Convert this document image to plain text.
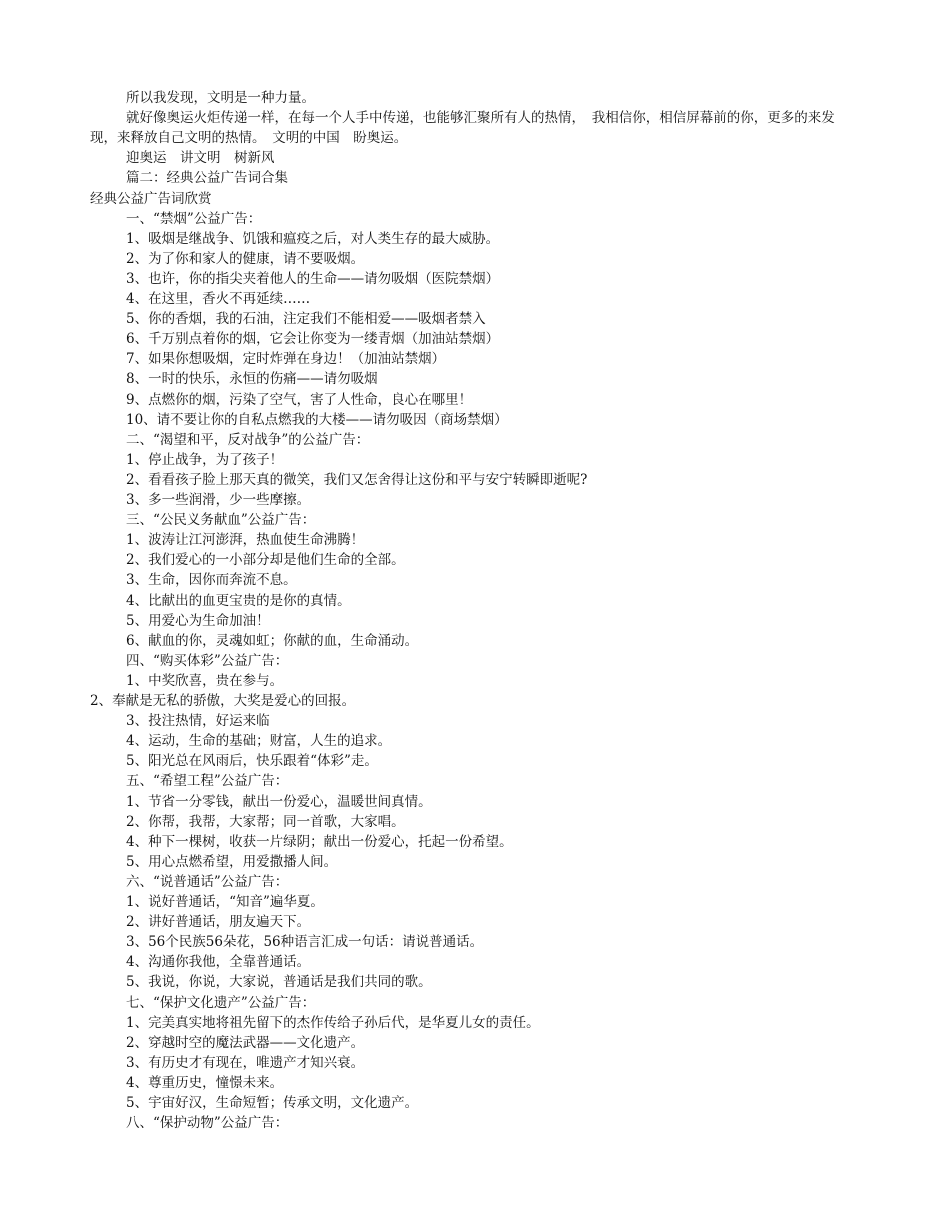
所以我发现，文明是一种力量。
就好像奥运火炬传递一样，在每一个人手中传递，也能够汇聚所有人的热情，　我相信你，相信屏幕前的你，更多的来发现，来释放自己文明的热情。　文明的中国　盼奥运。
迎奥运　讲文明　树新风
篇二：经典公益广告词合集
经典公益广告词欣赏
一、“禁烟”公益广告：
1、吸烟是继战争、饥饿和瘟疫之后，对人类生存的最大威胁。
2、为了你和家人的健康，请不要吸烟。
3、也许，你的指尖夹着他人的生命——请勿吸烟（医院禁烟）
4、在这里，香火不再延续……
5、你的香烟，我的石油，注定我们不能相爱——吸烟者禁入
6、千万别点着你的烟，它会让你变为一缕青烟（加油站禁烟）
7、如果你想吸烟，定时炸弹在身边！（加油站禁烟）
8、一时的快乐，永恒的伤痛——请勿吸烟
9、点燃你的烟，污染了空气，害了人性命，良心在哪里！
10、请不要让你的自私点燃我的大楼——请勿吸因（商场禁烟）
二、“渴望和平，反对战争”的公益广告：
1、停止战争，为了孩子！
2、看看孩子脸上那天真的微笑，我们又怎舍得让这份和平与安宁转瞬即逝呢?
3、多一些润滑，少一些摩擦。
三、“公民义务献血”公益广告：
1、波涛让江河澎湃，热血使生命沸腾！
2、我们爱心的一小部分却是他们生命的全部。
3、生命，因你而奔流不息。
4、比献出的血更宝贵的是你的真情。
5、用爱心为生命加油！
6、献血的你，灵魂如虹；你献的血，生命涌动。
四、“购买体彩”公益广告：
1、中奖欣喜，贵在参与。
2、奉献是无私的骄傲，大奖是爱心的回报。
3、投注热情，好运来临
4、运动，生命的基础；财富，人生的追求。
5、阳光总在风雨后，快乐跟着“体彩”走。
五、“希望工程”公益广告：
1、节省一分零钱，献出一份爱心，温暖世间真情。
2、你帮，我帮，大家帮；同一首歌，大家唱。
4、种下一棵树，收获一片绿阴；献出一份爱心，托起一份希望。
5、用心点燃希望，用爱撒播人间。
六、“说普通话”公益广告：
1、说好普通话，“知音”遍华夏。
2、讲好普通话，朋友遍天下。
3、56个民族56朵花，56种语言汇成一句话：请说普通话。
4、沟通你我他，全靠普通话。
5、我说，你说，大家说，普通话是我们共同的歌。
七、“保护文化遗产”公益广告：
1、完美真实地将祖先留下的杰作传给子孙后代，是华夏儿女的责任。
2、穿越时空的魔法武器——文化遗产。
3、有历史才有现在，唯遗产才知兴衰。
4、尊重历史，憧憬未来。
5、宇宙好汉，生命短暂；传承文明，文化遗产。
八、“保护动物”公益广告：
